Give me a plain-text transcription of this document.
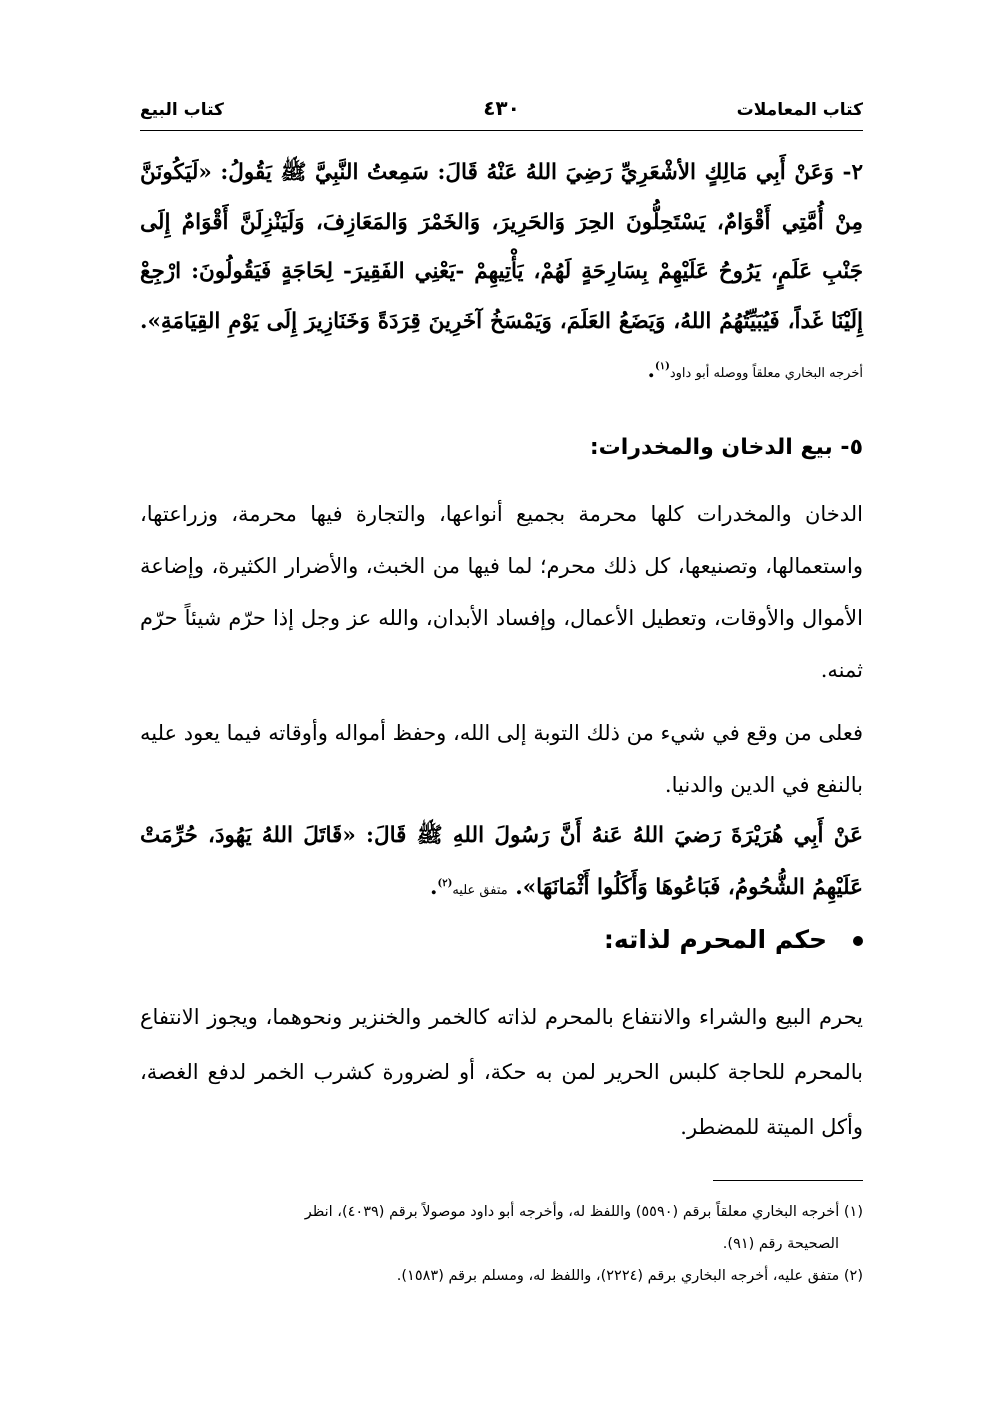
كتاب المعاملات
٤٣٠
كتاب البيع
٢- وَعَنْ أَبِي مَالِكٍ الأشْعَرِيِّ رَضِيَ اللهُ عَنْهُ قَالَ: سَمِعتُ النَّبِيَّ ﷺ يَقُولُ: «لَيَكُونَنَّ مِنْ أُمَّتِي أَقْوَامٌ، يَسْتَحِلُّونَ الحِرَ وَالحَرِيرَ، وَالخَمْرَ وَالمَعَازِفَ، وَلَيَنْزِلَنَّ أَقْوَامٌ إِلَى جَنْبِ عَلَمٍ، يَرُوحُ عَلَيْهِمْ بِسَارِحَةٍ لَهُمْ، يَأْتِيهِمْ -يَعْنِي الفَقِيرَ- لِحَاجَةٍ فَيَقُولُونَ: ارْجِعْ إِلَيْنَا غَداً، فَيُبَيِّتُهُمُ اللهُ، وَيَضَعُ العَلَمَ، وَيَمْسَخُ آخَرِينَ قِرَدَةً وَخَنَازِيرَ إِلَى يَوْمِ القِيَامَةِ». أخرجه البخاري معلقاً ووصله أبو داود$^{(١)}$.
٥- بيع الدخان والمخدرات:
الدخان والمخدرات كلها محرمة بجميع أنواعها، والتجارة فيها محرمة، وزراعتها، واستعمالها، وتصنيعها، كل ذلك محرم؛ لما فيها من الخبث، والأضرار الكثيرة، وإضاعة الأموال والأوقات، وتعطيل الأعمال، وإفساد الأبدان، والله عز وجل إذا حرّم شيئاً حرّم ثمنه.
فعلى من وقع في شيء من ذلك التوبة إلى الله، وحفظ أمواله وأوقاته فيما يعود عليه بالنفع في الدين والدنيا.
عَنْ أَبِي هُرَيْرَةَ رَضيَ اللهُ عَنهُ أَنَّ رَسُولَ اللهِ ﷺ قَالَ: «قَاتَلَ اللهُ يَهُودَ، حُرِّمَتْ عَلَيْهِمُ الشُّحُومُ، فَبَاعُوهَا وَأَكَلُوا أَثْمَانَهَا». متفق عليه$^{(٢)}$.
حكم المحرم لذاته:
يحرم البيع والشراء والانتفاع بالمحرم لذاته كالخمر والخنزير ونحوهما، ويجوز الانتفاع بالمحرم للحاجة كلبس الحرير لمن به حكة، أو لضرورة كشرب الخمر لدفع الغصة، وأكل الميتة للمضطر.

(١) أخرجه البخاري معلقاً برقم (٥٥٩٠) واللفظ له، وأخرجه أبو داود موصولاً برقم (٤٠٣٩)، انظر

الصحيحة رقم (٩١).

(٢) متفق عليه، أخرجه البخاري برقم (٢٢٢٤)، واللفظ له، ومسلم برقم (١٥٨٣).
